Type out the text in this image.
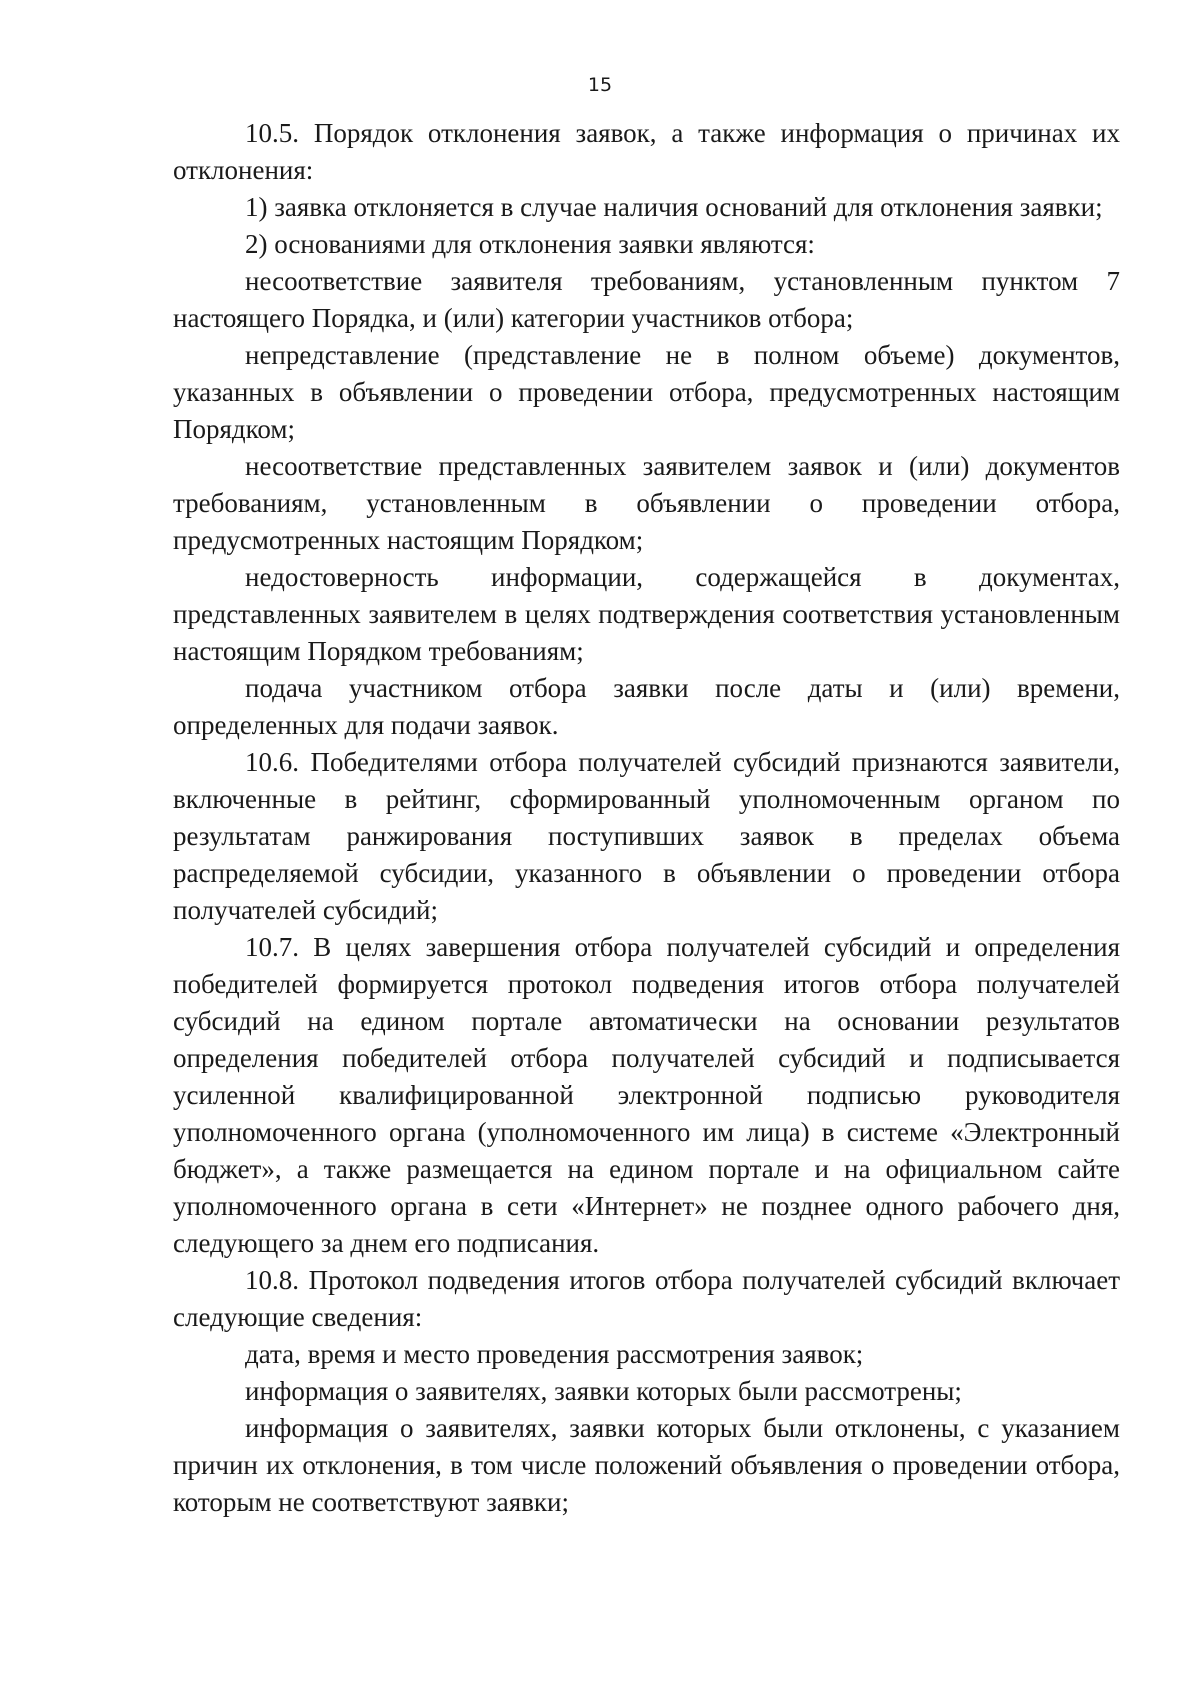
15

10.5. Порядок отклонения заявок, а также информация о причинах их отклонения:

1) заявка отклоняется в случае наличия оснований для отклонения заявки;

2) основаниями для отклонения заявки являются:

несоответствие заявителя требованиям, установленным пунктом 7 настоящего Порядка, и (или) категории участников отбора;

непредставление (представление не в полном объеме) документов, указанных в объявлении о проведении отбора, предусмотренных настоящим Порядком;

несоответствие представленных заявителем заявок и (или) документов требованиям, установленным в объявлении о проведении отбора, предусмотренных настоящим Порядком;

недостоверность информации, содержащейся в документах, представленных заявителем в целях подтверждения соответствия установленным настоящим Порядком требованиям;

подача участником отбора заявки после даты и (или) времени, определенных для подачи заявок.

10.6. Победителями отбора получателей субсидий признаются заявители, включенные в рейтинг, сформированный уполномоченным органом по результатам ранжирования поступивших заявок в пределах объема распределяемой субсидии, указанного в объявлении о проведении отбора получателей субсидий;

10.7. В целях завершения отбора получателей субсидий и определения победителей формируется протокол подведения итогов отбора получателей субсидий на едином портале автоматически на основании результатов определения победителей отбора получателей субсидий и подписывается усиленной квалифицированной электронной подписью руководителя уполномоченного органа (уполномоченного им лица) в системе «Электронный бюджет», а также размещается на едином портале и на официальном сайте уполномоченного органа в сети «Интернет» не позднее одного рабочего дня, следующего за днем его подписания.

10.8. Протокол подведения итогов отбора получателей субсидий включает следующие сведения:

дата, время и место проведения рассмотрения заявок;

информация о заявителях, заявки которых были рассмотрены;

информация о заявителях, заявки которых были отклонены, с указанием причин их отклонения, в том числе положений объявления о проведении отбора, которым не соответствуют заявки;
